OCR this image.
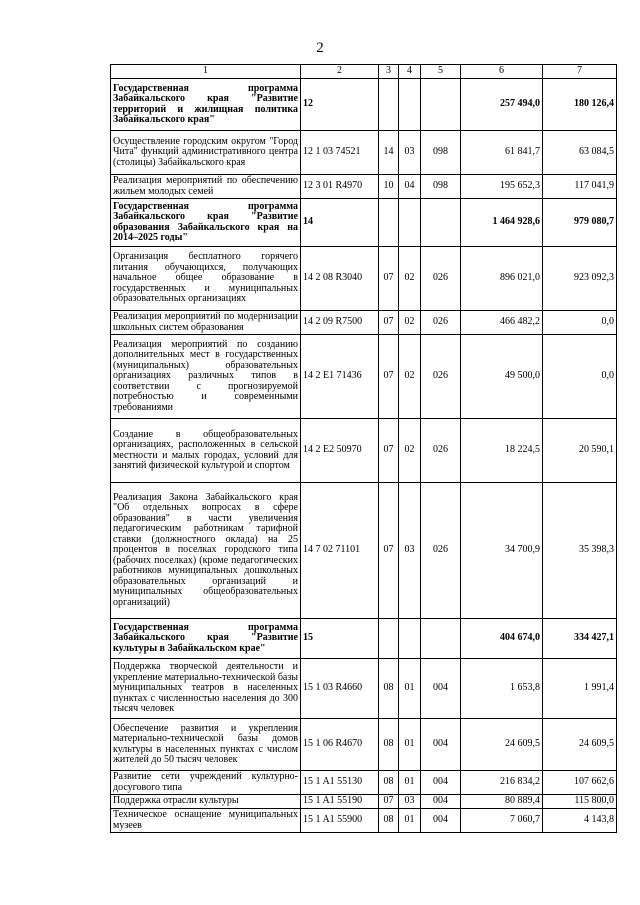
2
1	2	3	4	5	6	7
Государственная программа Забайкальского края "Развитие территорий и жилищная политика Забайкальского края"	12				257 494,0	180 126,4
Осуществление городским округом "Город Чита" функций административного центра (столицы) Забайкальского края	12 1 03 74521	14	03	098	61 841,7	63 084,5
Реализация мероприятий по обеспечению жильем молодых семей	12 3 01 R4970	10	04	098	195 652,3	117 041,9
Государственная программа Забайкальского края "Развитие образования Забайкальского края на 2014–2025 годы"	14				1 464 928,6	979 080,7
Организация бесплатного горячего питания обучающихся, получающих начальное общее образование в государственных и муниципальных образовательных организациях	14 2 08 R3040	07	02	026	896 021,0	923 092,3
Реализация мероприятий по модернизации школьных систем образования	14 2 09 R7500	07	02	026	466 482,2	0,0
Реализация мероприятий по созданию дополнительных мест в государственных (муниципальных) образовательных организациях различных типов в соответствии с прогнозируемой потребностью и современными требованиями	14 2 E1 71436	07	02	026	49 500,0	0,0
Создание в общеобразовательных организациях, расположенных в сельской местности и малых городах, условий для занятий физической культурой и спортом	14 2 E2 50970	07	02	026	18 224,5	20 590,1
Реализация Закона Забайкальского края "Об отдельных вопросах в сфере образования" в части увеличения педагогическим работникам тарифной ставки (должностного оклада) на 25 процентов в поселках городского типа (рабочих поселках) (кроме педагогических работников муниципальных дошкольных образовательных организаций и муниципальных общеобразовательных организаций)	14 7 02 71101	07	03	026	34 700,9	35 398,3
Государственная программа Забайкальского края "Развитие культуры в Забайкальском крае"	15				404 674,0	334 427,1
Поддержка творческой деятельности и укрепление материально-технической базы муниципальных театров в населенных пунктах с численностью населения до 300 тысяч человек	15 1 03 R4660	08	01	004	1 653,8	1 991,4
Обеспечение развития и укрепления материально-технической базы домов культуры в населенных пунктах с числом жителей до 50 тысяч человек	15 1 06 R4670	08	01	004	24 609,5	24 609,5
Развитие сети учреждений культурно-досугового типа	15 1 A1 55130	08	01	004	216 834,2	107 662,6
Поддержка отрасли культуры	15 1 A1 55190	07	03	004	80 889,4	115 800,0
Техническое оснащение муниципальных музеев	15 1 A1 55900	08	01	004	7 060,7	4 143,8
